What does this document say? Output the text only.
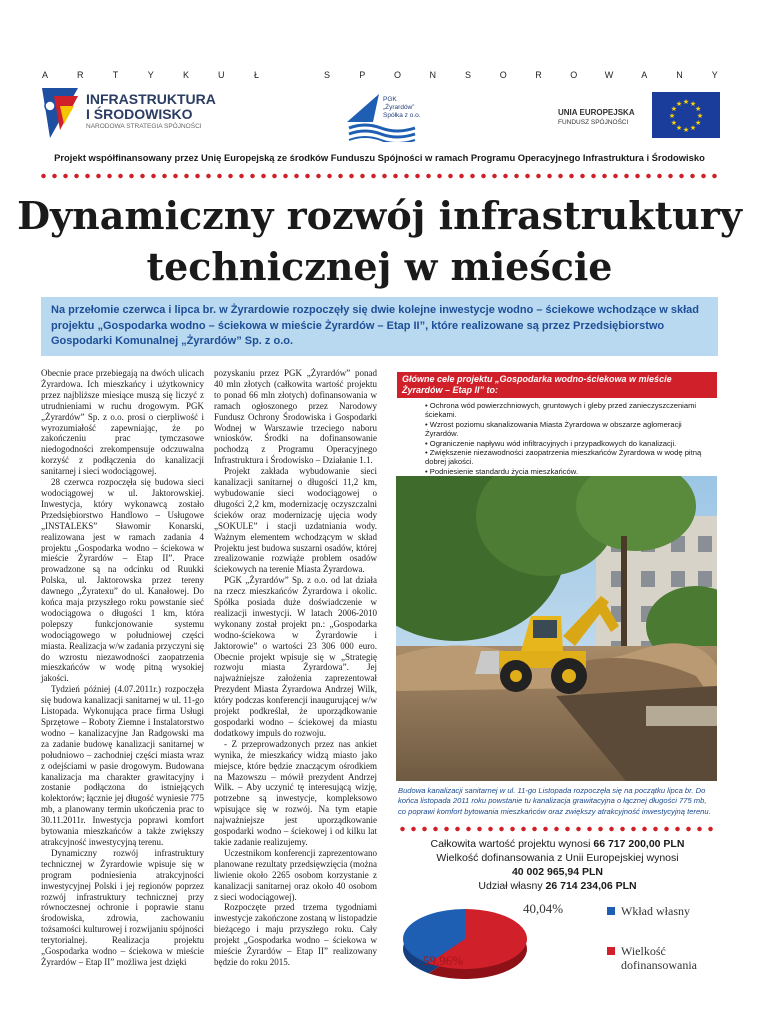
A	R	T	Y	K	U	Ł	S	P	O	N	S	O	R	O	W	A	N	Y
INFRASTRUKTURA
I ŚRODOWISKO
NARODOWA STRATEGIA SPÓJNOŚCI
PGK „Żyrardów”
Spółka z o.o.	UNIA EUROPEJSKA
FUNDUSZ SPÓJNOŚCI
★
★
★
★
★
★
★
★
★ ★ ★
★
Projekt współfinansowany przez Unię Europejską ze środków Funduszu Spójności w ramach Programu Operacyjnego Infrastruktura i Środowisko
Dynamiczny rozwój infrastruktury
technicznej w mieście
Na przełomie czerwca i lipca br. w Żyrardowie rozpoczęły się dwie kolejne inwestycje wodno – ściekowe wchodzące w skład projektu „Gospodarka wodno – ściekowa w mieście Żyrardów – Etap II”, które realizowane są przez Przedsiębiorstwo Gospodarki Komunalnej „Żyrardów” Sp. z o.o.

Obecnie prace przebiegają na dwóch ulicach Żyrardowa. Ich mieszkańcy i użytkownicy przez najbliższe miesiące muszą się liczyć z utrudnieniami w ruchu drogowym. PGK „Żyrardów” Sp. z o.o. prosi o cierpliwość i wyrozumiałość zapewniając, że po zakończeniu prac tymczasowe niedogodności zrekompensuje odczuwalna korzyść z podłączenia do kanalizacji sanitarnej i sieci wodociągowej.

28 czerwca rozpoczęła się budowa sieci wodociągowej w ul. Jaktorowskiej. Inwestycja, który wykonawcą zostało Przedsiębiorstwo Handlowo – Usługowe „INSTALEKS” Sławomir Konarski, realizowana jest w ramach zadania 4 projektu „Gospodarka wodno – ściekowa w mieście Żyrardów – Etap II”. Prace prowadzone są na odcinku od Ruukki Polska, ul. Jaktorowska przez tereny dawnego „Żyratexu” do ul. Kanałowej. Do końca maja przyszłego roku powstanie sieć wodociągowa o długości 1 km, która polepszy funkcjonowanie systemu wodociągowego w południowej części miasta. Realizacja w/w zadania przyczyni się do wzrostu niezawodności zaopatrzenia mieszkańców w wodę pitną wysokiej jakości.

Tydzień później (4.07.2011r.) rozpoczęła się budowa kanalizacji sanitarnej w ul. 11-go Listopada. Wykonująca prace firma Usługi Sprzętowe – Roboty Ziemne i Instalatorstwo wodno – kanalizacyjne Jan Radgowski ma za zadanie budowę kanalizacji sanitarnej w południowo – zachodniej części miasta wraz z odejściami w pasie drogowym. Budowana kanalizacja ma charakter grawitacyjny i zostanie podłączona do istniejących kolektorów; łącznie jej długość wyniesie 775 mb, a planowany termin ukończenia prac to 30.11.2011r. Inwestycja poprawi komfort bytowania mieszkańców a także zwiększy atrakcyjność inwestycyjną terenu.

Dynamiczny rozwój infrastruktury technicznej w Żyrardowie wpisuje się w program podniesienia atrakcyjności inwestycyjnej Polski i jej regionów poprzez rozwój infrastruktury technicznej przy równoczesnej ochronie i poprawie stanu środowiska, zdrowia, zachowaniu tożsamości kulturowej i rozwijaniu spójności terytorialnej. Realizacja projektu „Gospodarka wodno – ściekowa w mieście Żyrardów – Etap II” możliwa jest dzięki

pozyskaniu przez PGK „Żyrardów” ponad 40 mln złotych (całkowita wartość projektu to ponad 66 mln złotych) dofinansowania w ramach ogłoszonego przez Narodowy Fundusz Ochrony Środowiska i Gospodarki Wodnej w Warszawie trzeciego naboru wniosków. Środki na dofinansowanie pochodzą z Programu Operacyjnego Infrastruktura i Środowisko – Działanie 1.1.

Projekt zakłada wybudowanie sieci kanalizacji sanitarnej o długości 11,2 km, wybudowanie sieci wodociągowej o długości 2,2 km, modernizację oczyszczalni ścieków oraz modernizację ujęcia wody „SOKULE” i stacji uzdatniania wody. Ważnym elementem wchodzącym w skład Projektu jest budowa suszarni osadów, której zrealizowanie rozwiąże problem osadów ściekowych na terenie Miasta Żyrardowa.

PGK „Żyrardów” Sp. z o.o. od lat działa na rzecz mieszkańców Żyrardowa i okolic. Spółka posiada duże doświadczenie w realizacji inwestycji. W latach 2006-2010 wykonany został projekt pn.: „Gospodarka wodno-ściekowa w Żyrardowie i Jaktorowie” o wartości 23 306 000 euro. Obecnie projekt wpisuje się w „Strategię rozwoju miasta Żyrardowa”. Jej najważniejsze założenia zaprezentował Prezydent Miasta Żyrardowa Andrzej Wilk, który podczas konferencji inaugurującej w/w projekt podkreślał, że uporządkowanie gospodarki wodno – ściekowej da miastu dodatkowy impuls do rozwoju.

- Z przeprowadzonych przez nas ankiet wynika, że mieszkańcy widzą miasto jako miejsce, które będzie znaczącym ośrodkiem na Mazowszu – mówił prezydent Andrzej Wilk. – Aby uczynić tę interesującą wizję, potrzebne są inwestycje, kompleksowo wpisujące się w rozwój. Na tym etapie najważniejsze jest uporządkowanie gospodarki wodno – ściekowej i od kilku lat takie zadanie realizujemy.

Uczestnikom konferencji zaprezentowano planowane rezultaty przedsięwzięcia (można liwienie około 2265 osobom korzystanie z kanalizacji sanitarnej oraz około 40 osobom z sieci wodociągowej).

Rozpoczęte przed trzema tygodniami inwestycje zakończone zostaną w listopadzie bieżącego i maju przyszłego roku. Cały projekt „Gospodarka wodno – ściekowa w mieście Żyrardów – Etap II” realizowany będzie do roku 2015.

Główne cele projektu „Gospodarka wodno-ściekowa w mieście Żyrardów – Etap II” to:
• Ochrona wód powierzchniowych, gruntowych i gleby przed zanieczyszczeniami ściekami.
• Wzrost poziomu skanalizowania Miasta Żyrardowa w obszarze aglomeracji Żyrardów.
• Ograniczenie napływu wód infiltracyjnych i przypadkowych do kanalizacji.
• Zwiększenie niezawodności zaopatrzenia mieszkańców Żyrardowa w wodę pitną dobrej jakości.
• Podniesienie standardu życia mieszkańców.
•
Budowa kanalizacji sanitarnej w ul. 11-go Listopada rozpoczęła się na początku lipca br. Do końca listopada 2011 roku powstanie tu kanalizacja grawitacyjna o łącznej długości 775 mb, co poprawi komfort bytowania mieszkańców oraz zwiększy atrakcyjność inwestycyjną terenu.
Całkowita wartość projektu wynosi 66 717 200,00 PLN
Wielkość dofinansowania z Unii Europejskiej wynosi
40 002 965,94 PLN
Udział własny 26 714 234,06 PLN
40,04%
59,96%
Wkład własny
Wielkość
dofinansowania
